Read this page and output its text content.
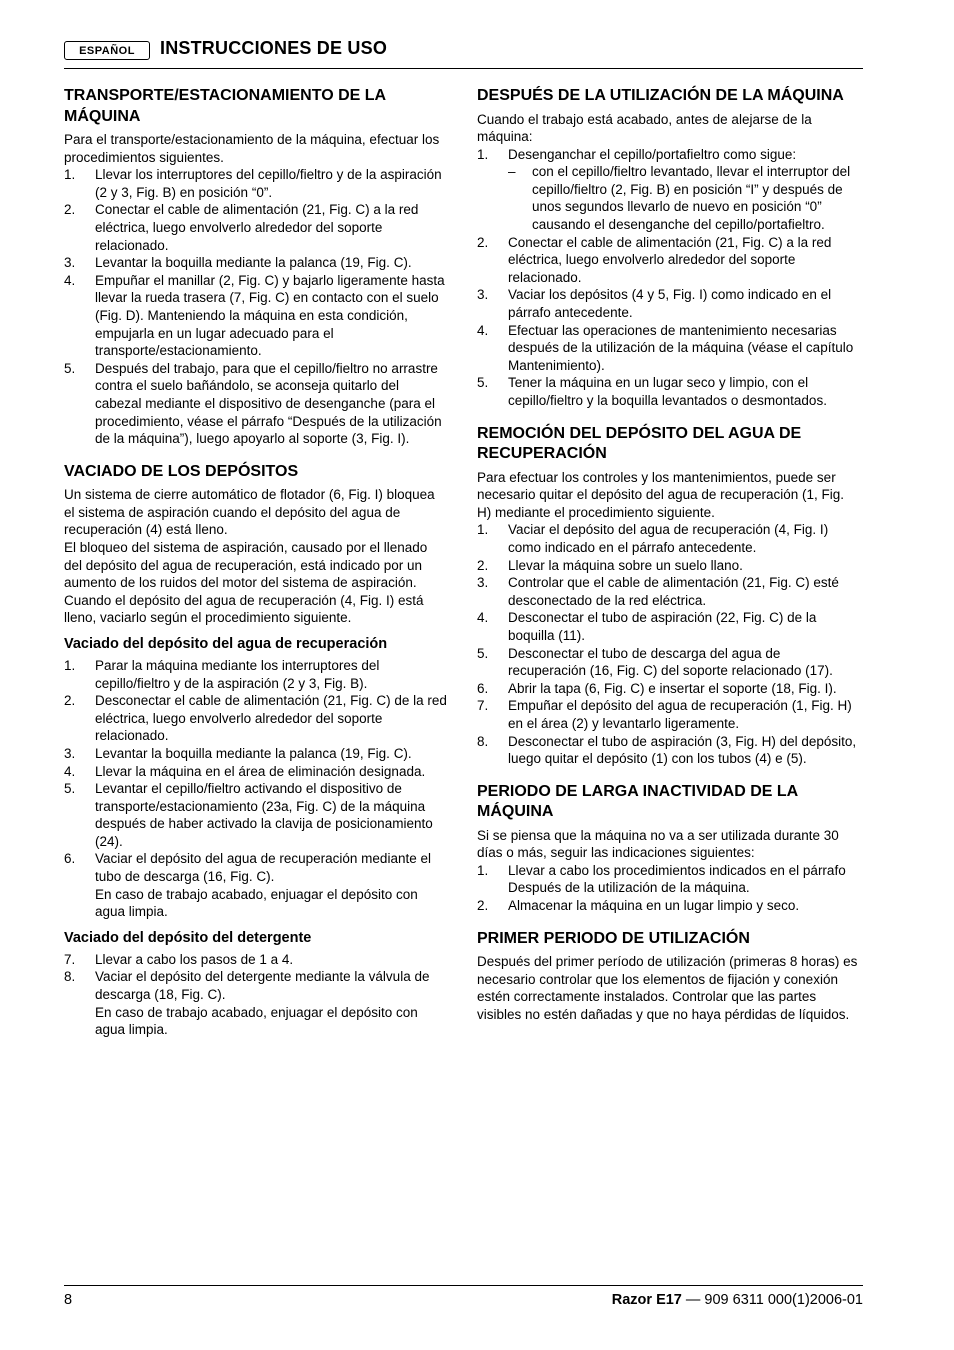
ESPAÑOL	INSTRUCCIONES DE USO
TRANSPORTE/ESTACIONAMIENTO DE LA MÁQUINA

Para el transporte/estacionamiento de la máquina, efectuar los procedimientos siguientes.

1. Llevar los interruptores del cepillo/fieltro y de la aspiración (2 y 3, Fig. B) en posición “0”.
2. Conectar el cable de alimentación (21, Fig. C) a la red eléctrica, luego envolverlo alrededor del soporte relacionado.
3. Levantar la boquilla mediante la palanca (19, Fig. C).
4. Empuñar el manillar (2, Fig. C) y bajarlo ligeramente hasta llevar la rueda trasera (7, Fig. C) en contacto con el suelo (Fig. D). Manteniendo la máquina en esta condición, empujarla en un lugar adecuado para el transporte/estacionamiento.
5. Después del trabajo, para que el cepillo/fieltro no arrastre contra el suelo bañándolo, se aconseja quitarlo del cabezal mediante el dispositivo de desenganche (para el procedimiento, véase el párrafo “Después de la utilización de la máquina”), luego apoyarlo al soporte (3, Fig. I).
VACIADO DE LOS DEPÓSITOS

Un sistema de cierre automático de flotador (6, Fig. I) bloquea el sistema de aspiración cuando el depósito del agua de recuperación (4) está lleno.

El bloqueo del sistema de aspiración, causado por el llenado del depósito del agua de recuperación, está indicado por un aumento de los ruidos del motor del sistema de aspiración.

Cuando el depósito del agua de recuperación (4, Fig. I) está lleno, vaciarlo según el procedimiento siguiente.

Vaciado del depósito del agua de recuperación
1. Parar la máquina mediante los interruptores del cepillo/fieltro y de la aspiración (2 y 3, Fig. B).
2. Desconectar el cable de alimentación (21, Fig. C) de la red eléctrica, luego envolverlo alrededor del soporte relacionado.
3. Levantar la boquilla mediante la palanca (19, Fig. C).
4. Llevar la máquina en el área de eliminación designada.
5. Levantar el cepillo/fieltro activando el dispositivo de transporte/estacionamiento (23a, Fig. C) de la máquina después de haber activado la clavija de posicionamiento (24).
6. Vaciar el depósito del agua de recuperación mediante el tubo de descarga (16, Fig. C).
En caso de trabajo acabado, enjuagar el depósito con agua limpia.
Vaciado del depósito del detergente
7. Llevar a cabo los pasos de 1 a 4.
8. Vaciar el depósito del detergente mediante la válvula de descarga (18, Fig. C).
En caso de trabajo acabado, enjuagar el depósito con agua limpia.
DESPUÉS DE LA UTILIZACIÓN DE LA MÁQUINA

Cuando el trabajo está acabado, antes de alejarse de la máquina:

1. Desenganchar el cepillo/portafieltro como sigue:
– con el cepillo/fieltro levantado, llevar el interruptor del cepillo/fieltro (2, Fig. B) en posición “I” y después de unos segundos llevarlo de nuevo en posición “0” causando el desenganche del cepillo/portafieltro.
2. Conectar el cable de alimentación (21, Fig. C) a la red eléctrica, luego envolverlo alrededor del soporte relacionado.
3. Vaciar los depósitos (4 y 5, Fig. I) como indicado en el párrafo antecedente.
4. Efectuar las operaciones de mantenimiento necesarias después de la utilización de la máquina (véase el capítulo Mantenimiento).
5. Tener la máquina en un lugar seco y limpio, con el cepillo/fieltro y la boquilla levantados o desmontados.
REMOCIÓN DEL DEPÓSITO DEL AGUA DE RECUPERACIÓN

Para efectuar los controles y los mantenimientos, puede ser necesario quitar el depósito del agua de recuperación (1, Fig. H) mediante el procedimiento siguiente.

1. Vaciar el depósito del agua de recuperación (4, Fig. I) como indicado en el párrafo antecedente.
2. Llevar la máquina sobre un suelo llano.
3. Controlar que el cable de alimentación (21, Fig. C) esté desconectado de la red eléctrica.
4. Desconectar el tubo de aspiración (22, Fig. C) de la boquilla (11).
5. Desconectar el tubo de descarga del agua de recuperación (16, Fig. C) del soporte relacionado (17).
6. Abrir la tapa (6, Fig. C) e insertar el soporte (18, Fig. I).
7. Empuñar el depósito del agua de recuperación (1, Fig. H) en el área (2) y levantarlo ligeramente.
8. Desconectar el tubo de aspiración (3, Fig. H) del depósito, luego quitar el depósito (1) con los tubos (4) e (5).
PERIODO DE LARGA INACTIVIDAD DE LA MÁQUINA

Si se piensa que la máquina no va a ser utilizada durante 30 días o más, seguir las indicaciones siguientes:

1. Llevar a cabo los procedimientos indicados en el párrafo Después de la utilización de la máquina.
2. Almacenar la máquina en un lugar limpio y seco.
PRIMER PERIODO DE UTILIZACIÓN

Después del primer período de utilización (primeras 8 horas) es necesario controlar que los elementos de fijación y conexión estén correctamente instalados. Controlar que las partes visibles no estén dañadas y que no haya pérdidas de líquidos.

8	Razor E17 — 909 6311 000(1)2006-01
